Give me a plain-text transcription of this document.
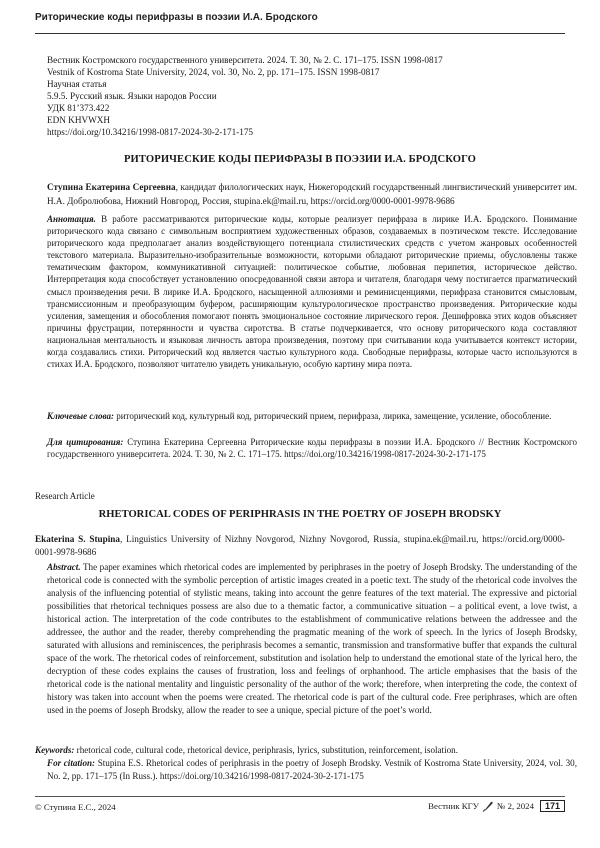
Риторические коды перифразы в поэзии И.А. Бродского
Вестник Костромского государственного университета. 2024. Т. 30, № 2. С. 171–175. ISSN 1998-0817
Vestnik of Kostroma State University, 2024, vol. 30, No. 2, pp. 171–175. ISSN 1998-0817
Научная статья
5.9.5. Русский язык. Языки народов России
УДК 81’373.422
EDN KHVWXH
https://doi.org/10.34216/1998-0817-2024-30-2-171-175
РИТОРИЧЕСКИЕ КОДЫ ПЕРИФРАЗЫ В ПОЭЗИИ И.А. БРОДСКОГО
Ступина Екатерина Сергеевна, кандидат филологических наук, Нижегородский государственный лингвистический университет им. Н.А. Добролюбова, Нижний Новгород, Россия, stupina.ek@mail.ru, https://orcid.org/0000-0001-9978-9686
Аннотация. В работе рассматриваются риторические коды, которые реализует перифраза в лирике И.А. Бродского. Понимание риторического кода связано с символьным восприятием художественных образов, создаваемых в поэтическом тексте. Исследование риторического кода предполагает анализ воздействующего потенциала стилистических средств с учетом жанровых особенностей текстового материала. Выразительно-изобразительные возможности, которыми обладают риторические приемы, обусловлены также тематическим фактором, коммуникативной ситуацией: политическое событие, любовная перипетия, историческое действо. Интерпретация кода способствует установлению опосредованной связи автора и читателя, благодаря чему постигается прагматический смысл произведения речи. В лирике И.А. Бродского, насыщенной аллюзиями и реминисценциями, перифраза становится смысловым, трансмиссионным и преобразующим буфером, расширяющим культурологическое пространство произведения. Риторические коды усиления, замещения и обособления помогают понять эмоциональное состояние лирического героя. Дешифровка этих кодов объясняет причины фрустрации, потерянности и чувства сиротства. В статье подчеркивается, что основу риторического кода составляют национальная ментальность и языковая личность автора произведения, поэтому при считывании кода учитывается контекст истории, когда создавались стихи. Риторический код является частью культурного кода. Свободные перифразы, которые часто используются в стихах И.А. Бродского, позволяют читателю увидеть уникальную, особую картину мира поэта.
Ключевые слова: риторический код, культурный код, риторический прием, перифраза, лирика, замещение, усиление, обособление.
Для цитирования: Ступина Екатерина Сергеевна Риторические коды перифразы в поэзии И.А. Бродского // Вестник Костромского государственного университета. 2024. Т. 30, № 2. С. 171–175. https://doi.org/10.34216/1998-0817-2024-30-2-171-175
Research Article
RHETORICAL CODES OF PERIPHRASIS IN THE POETRY OF JOSEPH BRODSKY
Ekaterina S. Stupina, Linguistics University of Nizhny Novgorod, Nizhny Novgorod, Russia, stupina.ek@mail.ru, https://orcid.org/0000-0001-9978-9686
Abstract. The paper examines which rhetorical codes are implemented by periphrases in the poetry of Joseph Brodsky. The understanding of the rhetorical code is connected with the symbolic perception of artistic images created in a poetic text. The study of the rhetorical code involves the analysis of the influencing potential of stylistic means, taking into account the genre features of the text material. The expressive and pictorial possibilities that rhetorical techniques possess are also due to a thematic factor, a communicative situation – a political event, a love twist, a historical action. The interpretation of the code contributes to the establishment of communicative relations between the addressee and the addressee, the author and the reader, thereby comprehending the pragmatic meaning of the work of speech. In the lyrics of Joseph Brodsky, saturated with allusions and reminiscences, the periphrasis becomes a semantic, transmission and transformative buffer that expands the cultural space of the work. The rhetorical codes of reinforcement, substitution and isolation help to understand the emotional state of the lyrical hero, the decryption of these codes explains the causes of frustration, loss and feelings of orphanhood. The article emphasises that the basis of the rhetorical code is the national mentality and linguistic personality of the author of the work; therefore, when interpreting the code, the context of history was taken into account when the poems were created. The rhetorical code is part of the cultural code. Free periphrases, which are often used in the poems of Joseph Brodsky, allow the reader to see a unique, special picture of the poet’s world.
Keywords: rhetorical code, cultural code, rhetorical device, periphrasis, lyrics, substitution, reinforcement, isolation.
For citation: Stupina E.S. Rhetorical codes of periphrasis in the poetry of Joseph Brodsky. Vestnik of Kostroma State University, 2024, vol. 30, No. 2, pp. 171–175 (In Russ.). https://doi.org/10.34216/1998-0817-2024-30-2-171-175
© Ступина Е.С., 2024	Вестник КГУ № 2, 2024	171
